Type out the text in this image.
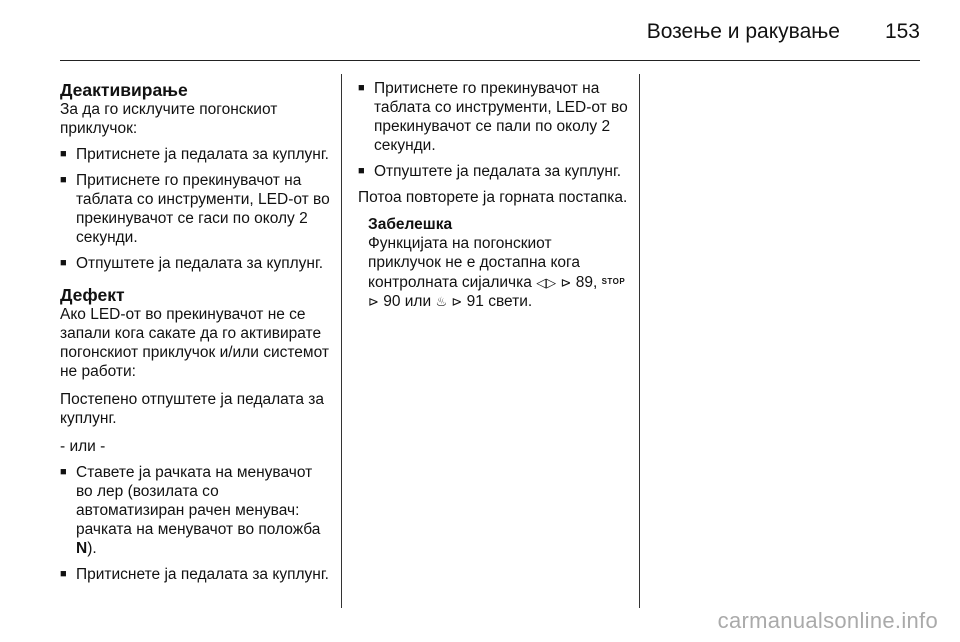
Возење и ракување 153
Деактивирање

За да го исклучите погонскиот приклучок:

■ Притиснете ја педалата за куплунг.
■ Притиснете го прекинувачот на таблата со инструменти, LED-от во прекинувачот се гаси по околу 2 секунди.
■ Отпуштете ја педалата за куплунг.
Дефект

Ако LED-от во прекинувачот не се запали кога сакате да го активирате погонскиот приклучок и/или системот не работи:

Постепено отпуштете ја педалата за куплунг.

- или -

■ Ставете ја рачката на менувачот во лер (возилата со автоматизиран рачен менувач: рачката на менувачот во положба N).
■ Притиснете ја педалата за куплунг.
■ Притиснете го прекинувачот на таблата со инструменти, LED-от во прекинувачот се пали по околу 2 секунди.
■ Отпуштете ја педалата за куплунг.

Потоа повторете ја горната постапка.

Забелешка
Функцијата на погонскиот приклучок не е достапна кога контролната сијаличка ◁▷ ⊳ 89, STOP
⊳ 90 или ♨ ⊳ 91 свети.
carmanualsonline.info
